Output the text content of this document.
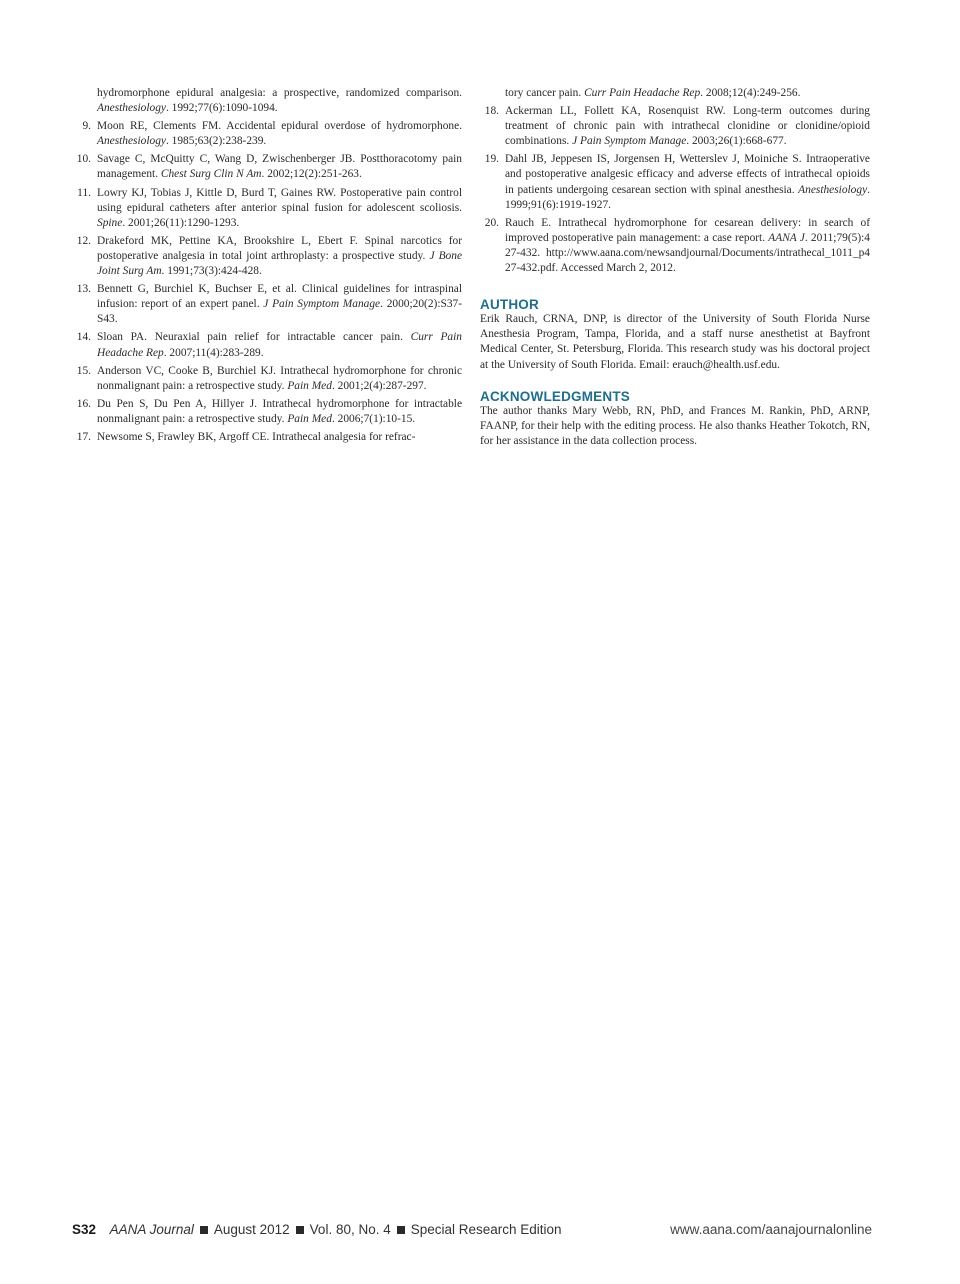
hydromorphone epidural analgesia: a prospective, randomized comparison. Anesthesiology. 1992;77(6):1090-1094.
9. Moon RE, Clements FM. Accidental epidural overdose of hydromorphone. Anesthesiology. 1985;63(2):238-239.
10. Savage C, McQuitty C, Wang D, Zwischenberger JB. Postthoracotomy pain management. Chest Surg Clin N Am. 2002;12(2):251-263.
11. Lowry KJ, Tobias J, Kittle D, Burd T, Gaines RW. Postoperative pain control using epidural catheters after anterior spinal fusion for adolescent scoliosis. Spine. 2001;26(11):1290-1293.
12. Drakeford MK, Pettine KA, Brookshire L, Ebert F. Spinal narcotics for postoperative analgesia in total joint arthroplasty: a prospective study. J Bone Joint Surg Am. 1991;73(3):424-428.
13. Bennett G, Burchiel K, Buchser E, et al. Clinical guidelines for intraspinal infusion: report of an expert panel. J Pain Symptom Manage. 2000;20(2):S37-S43.
14. Sloan PA. Neuraxial pain relief for intractable cancer pain. Curr Pain Headache Rep. 2007;11(4):283-289.
15. Anderson VC, Cooke B, Burchiel KJ. Intrathecal hydromorphone for chronic nonmalignant pain: a retrospective study. Pain Med. 2001;2(4):287-297.
16. Du Pen S, Du Pen A, Hillyer J. Intrathecal hydromorphone for intractable nonmalignant pain: a retrospective study. Pain Med. 2006;7(1):10-15.
17. Newsome S, Frawley BK, Argoff CE. Intrathecal analgesia for refrac-
tory cancer pain. Curr Pain Headache Rep. 2008;12(4):249-256.
18. Ackerman LL, Follett KA, Rosenquist RW. Long-term outcomes during treatment of chronic pain with intrathecal clonidine or clonidine/opioid combinations. J Pain Symptom Manage. 2003;26(1):668-677.
19. Dahl JB, Jeppesen IS, Jorgensen H, Wetterslev J, Moiniche S. Intraoperative and postoperative analgesic efficacy and adverse effects of intrathecal opioids in patients undergoing cesarean section with spinal anesthesia. Anesthesiology. 1999;91(6):1919-1927.
20. Rauch E. Intrathecal hydromorphone for cesarean delivery: in search of improved postoperative pain management: a case report. AANA J. 2011;79(5):427-432. http://www.aana.com/newsandjournal/Documents/intrathecal_1011_p427-432.pdf. Accessed March 2, 2012.
AUTHOR

Erik Rauch, CRNA, DNP, is director of the University of South Florida Nurse Anesthesia Program, Tampa, Florida, and a staff nurse anesthetist at Bayfront Medical Center, St. Petersburg, Florida. This research study was his doctoral project at the University of South Florida. Email: erauch@health.usf.edu.

ACKNOWLEDGMENTS

The author thanks Mary Webb, RN, PhD, and Frances M. Rankin, PhD, ARNP, FAANP, for their help with the editing process. He also thanks Heather Tokotch, RN, for her assistance in the data collection process.

S32 AANA Journal August 2012 Vol. 80, No. 4 Special Research Edition	www.aana.com/aanajournalonline
